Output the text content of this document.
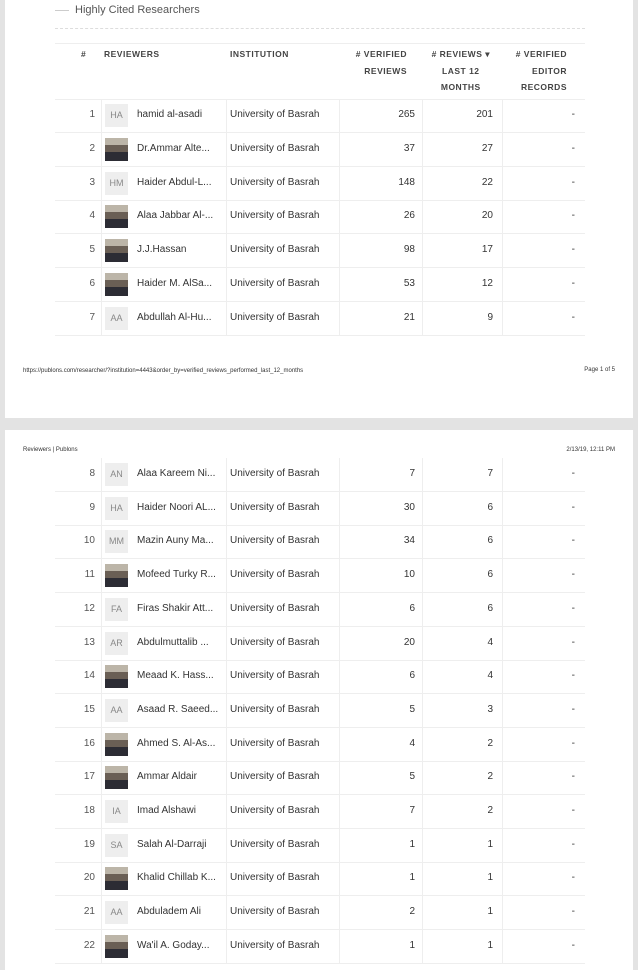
Highly Cited Researchers
# REVIEWERS	INSTITUTION	# VERIFIED
REVIEWS
# REVIEWS ▾
LAST 12
MONTHS
# VERIFIED
EDITOR
RECORDS
1	HA	hamid al-asadi	University of Basrah	265	201	-
2	Dr.Ammar Alte... University of Basrah	37	27	-
3	HM	Haider Abdul-L... University of Basrah	148	22	-
4	Alaa Jabbar Al-... University of Basrah	26	20	-
5	J.J.Hassan	University of Basrah	98	17	-
6	Haider M. AlSa... University of Basrah	53	12	-
7	AA	Abdullah Al-Hu... University of Basrah	21	9	-
https://publons.com/researcher/?institution=4443&order_by=verified_reviews_performed_last_12_months	Page 1 of 5
Reviewers | Publons	2/13/19, 12:11 PM
8	AN	Alaa Kareem Ni... University of Basrah	7	7	-
9	HA	Haider Noori AL... University of Basrah	30	6	-
10	MM	Mazin Auny Ma... University of Basrah	34	6	-
11	Mofeed Turky R... University of Basrah	10	6	-
12	FA	Firas Shakir Att... University of Basrah	6	6	-
13	AR	Abdulmuttalib ... University of Basrah	20	4	-
14	Meaad K. Hass... University of Basrah	6	4	-
15	AA	Asaad R. Saeed... University of Basrah	5	3	-
16	Ahmed S. Al-As... University of Basrah	4	2	-
17	Ammar Aldair	University of Basrah	5	2	-
18	IA	Imad Alshawi	University of Basrah	7	2	-
19	SA	Salah Al-Darraji University of Basrah	1	1	-
20	Khalid Chillab K... University of Basrah	1	1	-
21	AA	Abduladem Ali	University of Basrah	2	1	-
22	Wa'il A. Goday... University of Basrah	1	1	-
